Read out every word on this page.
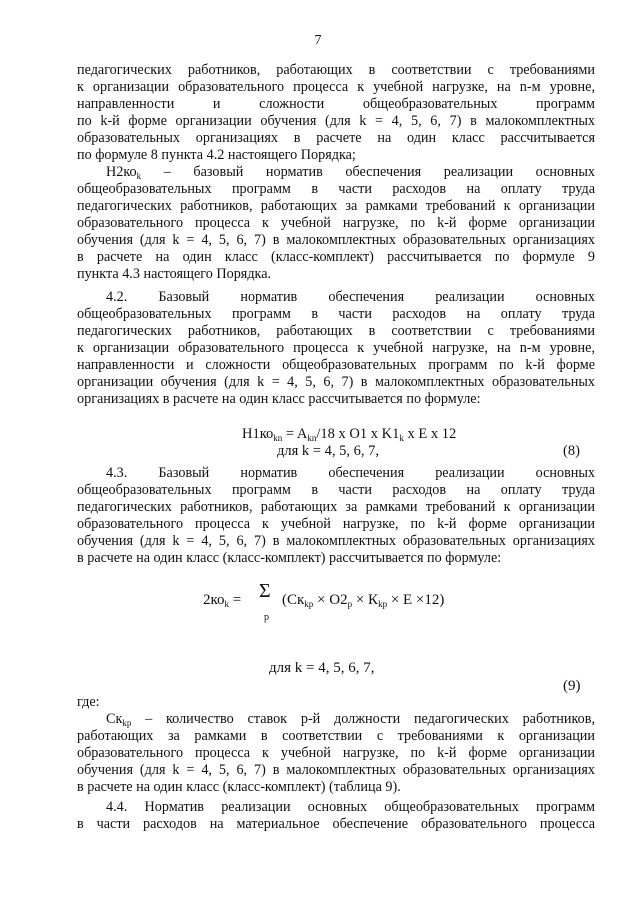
7
педагогических работников, работающих в соответствии с требованиями
к организации образовательного процесса к учебной нагрузке, на n-м уровне,
направленности и сложности общеобразовательных программ
по k-й форме организации обучения (для k = 4, 5, 6, 7) в малокомплектных
образовательных организациях в расчете на один класс рассчитывается
по формуле 8 пункта 4.2 настоящего Порядка;
$H2ко_k$ – базовый норматив обеспечения реализации основных
общеобразовательных программ в части расходов на оплату труда
педагогических работников, работающих за рамками требований к организации
образовательного процесса к учебной нагрузке, по k-й форме организации
обучения (для k = 4, 5, 6, 7) в малокомплектных образовательных организациях
в расчете на один класс (класс-комплект) рассчитывается по формуле 9
пункта 4.3 настоящего Порядка.
4.2. Базовый норматив обеспечения реализации основных
общеобразовательных программ в части расходов на оплату труда
педагогических работников, работающих в соответствии с требованиями
к организации образовательного процесса к учебной нагрузке, на n-м уровне,
направленности и сложности общеобразовательных программ по k-й форме
организации обучения (для k = 4, 5, 6, 7) в малокомплектных образовательных
организациях в расчете на один класс рассчитывается по формуле:
$H1ко_{kn} = A_{kn}/18$ x O1 x $K1_k$ x E x 12
для k = 4, 5, 6, 7,	(8)
4.3. Базовый норматив обеспечения реализации основных
общеобразовательных программ в части расходов на оплату труда
педагогических работников, работающих за рамками требований к организации
образовательного процесса к учебной нагрузке, по k-й форме организации
обучения (для k = 4, 5, 6, 7) в малокомплектных образовательных организациях
в расчете на один класс (класс-комплект) рассчитывается по формуле:
$2ко_k = \Sigma$
p
$(Ск_{kp} \times О2_p \times К_{kp} \times Е \times 12)$
для k = 4, 5, 6, 7,
(9)
где:
$Ск_{kp}$ – количество ставок р-й должности педагогических работников,
работающих за рамками в соответствии с требованиями к организации
образовательного процесса к учебной нагрузке, по k-й форме организации
обучения (для k = 4, 5, 6, 7) в малокомплектных образовательных организациях
в расчете на один класс (класс-комплект) (таблица 9).
4.4. Норматив реализации основных общеобразовательных программ
в части расходов на материальное обеспечение образовательного процесса
